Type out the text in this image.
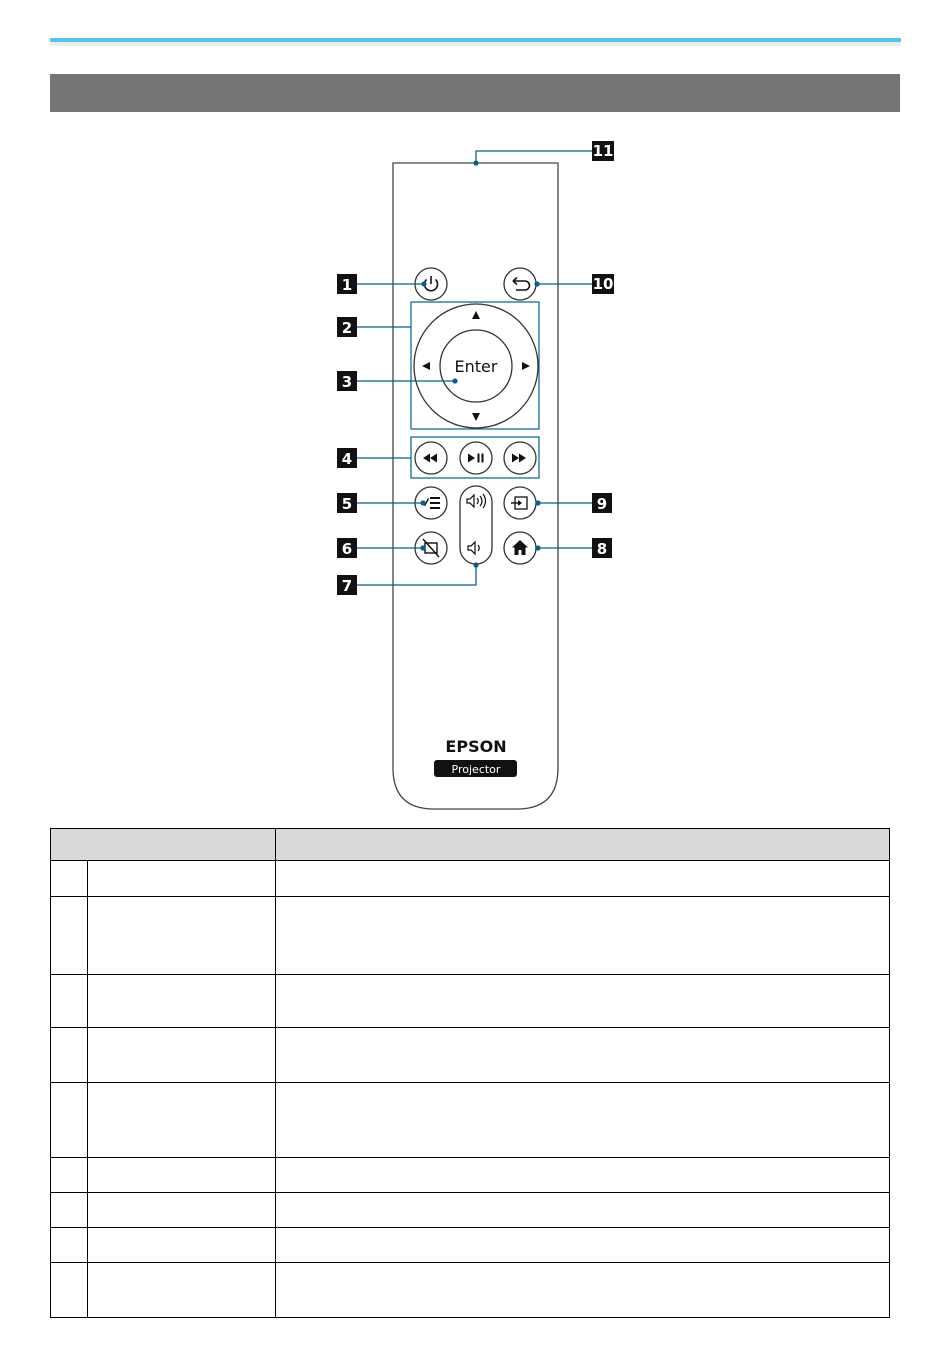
Enter
EPSON
Projector
1
2
3
4
5
6
7
8
9
10
11
